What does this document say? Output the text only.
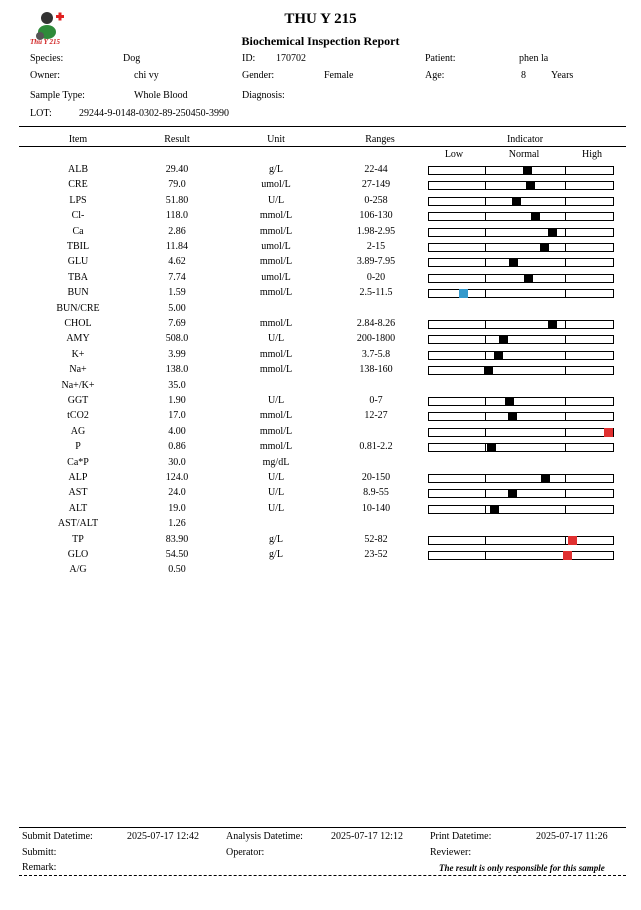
Thu Y 215
THU Y 215
Biochemical Inspection Report
Species:	Dog	ID: 170702	Patient:	phen la
Owner:	chi vy	Gender:	Female	Age:	8	Years
Sample Type:	Whole Blood	Diagnosis:
LOT:	29244-9-0148-0302-89-250450-3990
Item	Result	Unit	Ranges	Indicator
Low	Normal	High
ALB	29.40	g/L	22-44
CRE	79.0	umol/L	27-149
LPS	51.80	U/L	0-258
Cl-	118.0	mmol/L	106-130
Ca	2.86	mmol/L	1.98-2.95
TBIL	11.84	umol/L	2-15
GLU	4.62	mmol/L	3.89-7.95
TBA	7.74	umol/L	0-20
BUN	1.59	mmol/L	2.5-11.5
BUN/CRE	5.00
CHOL	7.69	mmol/L	2.84-8.26
AMY	508.0	U/L	200-1800
K+	3.99	mmol/L	3.7-5.8
Na+	138.0	mmol/L	138-160
Na+/K+	35.0
GGT	1.90	U/L	0-7
tCO2	17.0	mmol/L	12-27
AG	4.00	mmol/L
P	0.86	mmol/L	0.81-2.2
Ca*P	30.0	mg/dL
ALP	124.0	U/L	20-150
AST	24.0	U/L	8.9-55
ALT	19.0	U/L	10-140
AST/ALT	1.26
TP	83.90	g/L	52-82
GLO	54.50	g/L	23-52
A/G	0.50
Submit Datetime:	2025-07-17 12:42	Analysis Datetime:	2025-07-17 12:12	Print Datetime:	2025-07-17 11:26
Submitt:	Operator:	Reviewer:
Remark:	The result is only responsible for this sample
